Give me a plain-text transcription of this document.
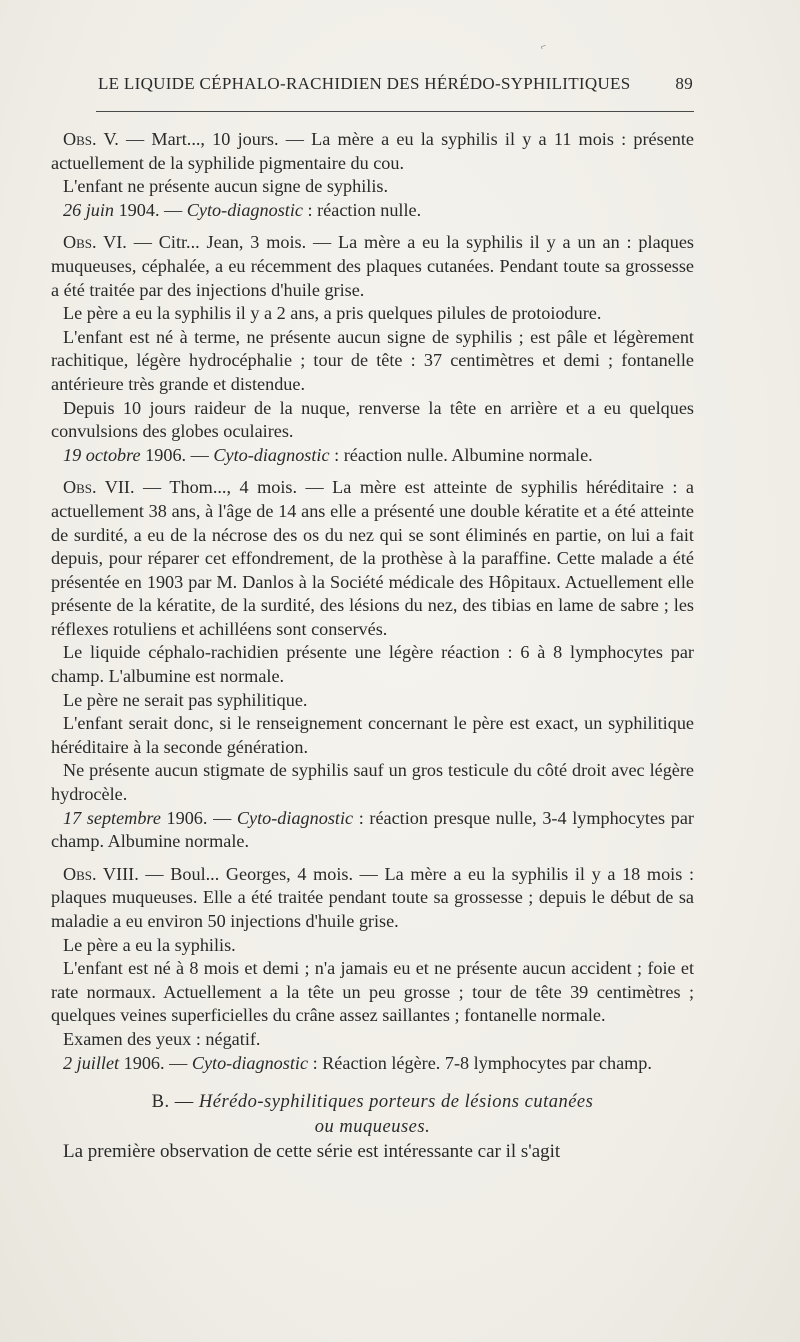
⌐
LE LIQUIDE CÉPHALO-RACHIDIEN DES HÉRÉDO-SYPHILITIQUES	89

Obs. V. — Mart..., 10 jours. — La mère a eu la syphilis il y a 11 mois : présente actuellement de la syphilide pigmentaire du cou.

L'enfant ne présente aucun signe de syphilis.

26 juin 1904. — Cyto-diagnostic : réaction nulle.

Obs. VI. — Citr... Jean, 3 mois. — La mère a eu la syphilis il y a un an : plaques muqueuses, céphalée, a eu récemment des plaques cutanées. Pendant toute sa grossesse a été traitée par des injections d'huile grise.

Le père a eu la syphilis il y a 2 ans, a pris quelques pilules de protoiodure.

L'enfant est né à terme, ne présente aucun signe de syphilis ; est pâle et légèrement rachitique, légère hydrocéphalie ; tour de tête : 37 centimètres et demi ; fontanelle antérieure très grande et distendue.

Depuis 10 jours raideur de la nuque, renverse la tête en arrière et a eu quelques convulsions des globes oculaires.

19 octobre 1906. — Cyto-diagnostic : réaction nulle. Albumine normale.

Obs. VII. — Thom..., 4 mois. — La mère est atteinte de syphilis héréditaire : a actuellement 38 ans, à l'âge de 14 ans elle a présenté une double kératite et a été atteinte de surdité, a eu de la nécrose des os du nez qui se sont éliminés en partie, on lui a fait depuis, pour réparer cet effondrement, de la prothèse à la paraffine. Cette malade a été présentée en 1903 par M. Danlos à la Société médicale des Hôpitaux. Actuellement elle présente de la kératite, de la surdité, des lésions du nez, des tibias en lame de sabre ; les réflexes rotuliens et achilléens sont conservés.

Le liquide céphalo-rachidien présente une légère réaction : 6 à 8 lymphocytes par champ. L'albumine est normale.

Le père ne serait pas syphilitique.

L'enfant serait donc, si le renseignement concernant le père est exact, un syphilitique héréditaire à la seconde génération.

Ne présente aucun stigmate de syphilis sauf un gros testicule du côté droit avec légère hydrocèle.

17 septembre 1906. — Cyto-diagnostic : réaction presque nulle, 3-4 lymphocytes par champ. Albumine normale.

Obs. VIII. — Boul... Georges, 4 mois. — La mère a eu la syphilis il y a 18 mois : plaques muqueuses. Elle a été traitée pendant toute sa grossesse ; depuis le début de sa maladie a eu environ 50 injections d'huile grise.

Le père a eu la syphilis.

L'enfant est né à 8 mois et demi ; n'a jamais eu et ne présente aucun accident ; foie et rate normaux. Actuellement a la tête un peu grosse ; tour de tête 39 centimètres ; quelques veines superficielles du crâne assez saillantes ; fontanelle normale.

Examen des yeux : négatif.

2 juillet 1906. — Cyto-diagnostic : Réaction légère. 7-8 lymphocytes par champ.

B. — Hérédo-syphilitiques porteurs de lésions cutanées
ou muqueuses.

La première observation de cette série est intéressante car il s'agit
